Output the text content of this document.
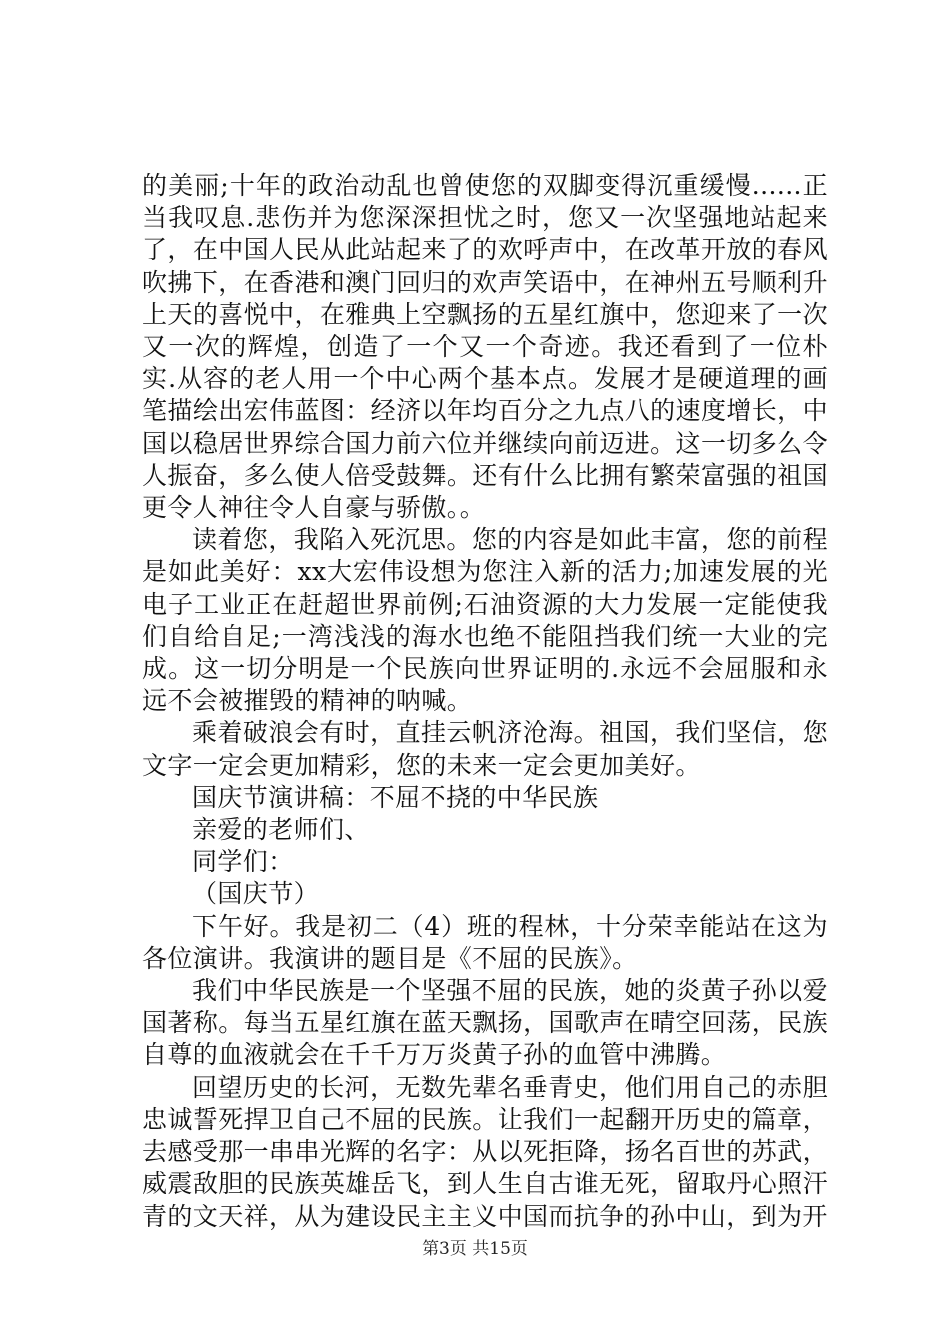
的美丽;十年的政治动乱也曾使您的双脚变得沉重缓慢......正当我叹息.悲伤并为您深深担忧之时，您又一次坚强地站起来了，在中国人民从此站起来了的欢呼声中，在改革开放的春风吹拂下，在香港和澳门回归的欢声笑语中，在神州五号顺利升上天的喜悦中，在雅典上空飘扬的五星红旗中，您迎来了一次又一次的辉煌，创造了一个又一个奇迹。我还看到了一位朴实.从容的老人用一个中心两个基本点。发展才是硬道理的画笔描绘出宏伟蓝图：经济以年均百分之九点八的速度增长，中国以稳居世界综合国力前六位并继续向前迈进。这一切多么令人振奋，多么使人倍受鼓舞。还有什么比拥有繁荣富强的祖国更令人神往令人自豪与骄傲。。

读着您，我陷入死沉思。您的内容是如此丰富，您的前程是如此美好：xx大宏伟设想为您注入新的活力;加速发展的光电子工业正在赶超世界前例;石油资源的大力发展一定能使我们自给自足;一湾浅浅的海水也绝不能阻挡我们统一大业的完成。这一切分明是一个民族向世界证明的.永远不会屈服和永远不会被摧毁的精神的呐喊。

乘着破浪会有时，直挂云帆济沧海。祖国，我们坚信，您文字一定会更加精彩，您的未来一定会更加美好。

国庆节演讲稿：不屈不挠的中华民族

亲爱的老师们、

同学们：

（国庆节）

下午好。我是初二（4）班的程林，十分荣幸能站在这为各位演讲。我演讲的题目是《不屈的民族》。

我们中华民族是一个坚强不屈的民族，她的炎黄子孙以爱国著称。每当五星红旗在蓝天飘扬，国歌声在晴空回荡，民族自尊的血液就会在千千万万炎黄子孙的血管中沸腾。

回望历史的长河，无数先辈名垂青史，他们用自己的赤胆忠诚誓死捍卫自己不屈的民族。让我们一起翻开历史的篇章，去感受那一串串光辉的名字：从以死拒降，扬名百世的苏武，威震敌胆的民族英雄岳飞，到人生自古谁无死，留取丹心照汗青的文天祥，从为建设民主主义中国而抗争的孙中山，到为开

第3页 共15页
